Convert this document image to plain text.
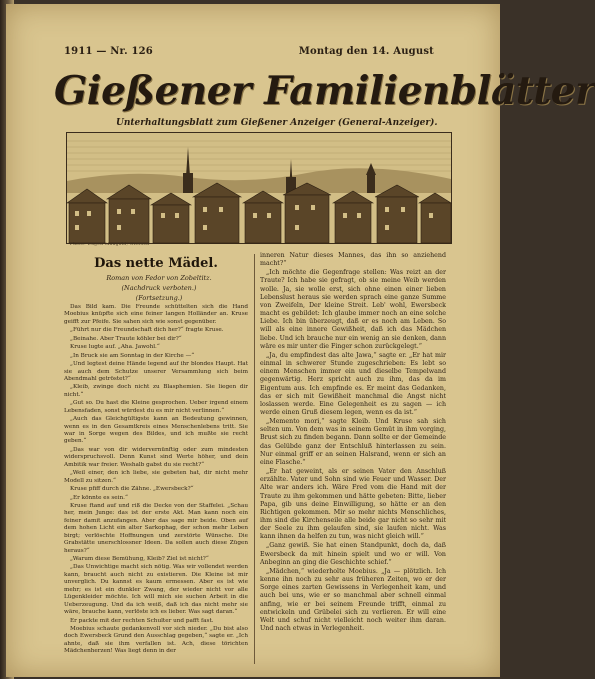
1911 — Nr. 126	Montag den 14. August
Gießener Familienblätter
Unterhaltungsblatt zum Gießener Anzeiger (General-Anzeiger).
Photo: Eugen Mangold, Giessen
Das nette Mädel.

Roman von Fedor von Zobeltitz.

(Nachdruck verboten.)

(Fortsetzung.)

Das Bild kam. Die Freunde schüttelten sich die Hand Moebius knüpfte sich eine feiner langen Holländer an. Kruse geifft zur Pfeife. Sie sahen sich wie sonst gegenüber.

„Führt nur die Freundschaft dich her?“ fragte Kruse.

„Beinahe. Aber Traute köhler bei dir?“

Kruse lugte auf. „Aha. Jawohl.“

„In Bruck sie am Sonntag in der Kirche —“

„Und legtest deine Hände legend auf ihr blondes Haupt. Hat sie auch dem Schutze unserer Versammlung sich beim Abendmahl getröstet?“

„Kleib, zwinge doch nicht zu Blasphemien. Sie liegen dir nicht.“

„Gut so. Du hast die Kleine gesprochen. Ueber irgend einem Lebensfaden, sonst würdest du es mir nicht verlinnen.“

„Auch das Gleichgültigste kann an Bedeutung gewinnen, wenn es in den Gesamtkreis eines Menschenlebens tritt. Sie war in Sorge wegen des Bildes, und ich mußte sie recht geben.“

„Das war von dir widervernünftig oder zum mindesten widerspruchsvoll. Denn Kunst sind Werte höher, und dein Ambitik war freier. Weshalb gabst du sie recht?“

„Weil einer, den ich liebe, sie gebeten hat, dir nicht mehr Modell zu sitzen.“

Kruse pfiff durch die Zähne. „Ewersbeck?“

„Er könnte es sein.“

Kruse ftand auf und riß die Decke von der Staffelei. „Schau her, mein Junge: das ist der erste Akt. Man kann noch ein feiner damit anzufangen. Aber das sage mir beide. Oben auf dem hohen Licht ein alter Sarkophag, der schon mehr Leben birgt; verlöschte Hoffnungen und zerstörte Wünsche. Die Grabstätte unerschlossner Ideen. Da sollen auch diese Zügen heraus?“

„Warum diese Bemühung, Kleib? Ziel ist nicht?“

„Das Unwichtige macht sich nötig. Was wir vollendet werden kann, braucht auch nicht zu existieren. Die Kleine ist mir unverglich. Du kannst es kaum ermessen. Aber es ist wie mehr; es ist ein dunkler Zwang, der wieder nicht vor alle Lügenkleider möchte. Ich will mich sie suchen Arbeit in die Ueberzeugung. Und da ich weiß, daß ich das nicht mehr sie wäre, brauche kann, verlöste ich es lieber. Was sagt daran.“

Er packte mit der rechten Schulter und pafft fast.

Moebius schaute gedankenvoll vor sich nieder. „Du bist also doch Ewersbeck Grund den Ausschlag gegeben,“ sagte er. „Ich ahnte, daß sie ihm verfallen ist. Ach, diese törichten Mädchenherzen! Was liegt denn in der

inneren Natur dieses Mannes, das ihn so anziehend macht?“

„Ich möchte die Gegenfrage stellen: Was reizt an der Traute? Ich habe sie gefragt, ob sie meine Weib werden wolle. Ja, sie wolle erst, sich ohne einen einer lieben Lebenslust heraus sie werden sprach eine ganze Summe von Zweifeln, Der kleine Streit. Leb' wohl, Ewersbeck macht es gebildet: Ich glaube immer noch an eine solche Liebe. Ich bin überzeugt, daß er es noch am Leben. So will als eine innere Gewißheit, daß ich das Mädchen liebe. Und ich brauche nur ein wenig an sie denken, dann wäre es mir unter die Finger schon zurückgelegt.“

„Ja, du empfindest das alte Jawa,“ sagte er. „Er hat mir einmal in schwerer Stunde zugeschrieben: Es lebt so einem Menschen immer ein und dieselbe Tempelwand gegenwärtig. Herz spricht auch zu ihm, das da im Eigentum aus. Ich empfinde es. Er meint das Gedanken, das er sich mit Gewißheit manchmal die Angst nicht loslassen werde. Eine Gelegenheit es zu sagen — ich werde einen Gruß diesem legen, wenn es da ist.“

„Memento mori,“ sagte Kleib. Und Kruse sah sich selten um. Von dem was in seinem Gemüt in ihm vorging, Brust sich zu finden begann. Dann sollte er der Gemeinde das Gelübde ganz der Entschluß hinterlassen zu sein. Nur einmal griff er an seinen Halsrand, wenn er sich an eine Flasche.“

„Er hat geweint, als er seinen Vater den Anschluß erzählte. Vater und Sohn sind wie Feuer und Wasser. Der Alte war anders ich. Wäre Fred vom die Hand mit der Traute zu ihm gekommen und hätte gebeten: Bitte, lieber Papa, gib uns deine Einwilligung, so hätte er an den Richtigen gekommen. Mir so mehr nichts Menschliches, ihm sind die Kirchenseile alle beide gar nicht so sehr mit der Seele zu ihm gelaufen sind, sie laufen nicht. Was kann ihnen da helfen zu tun, was nicht gleich will.“

„Ganz gewiß. Sie hat einen Standpunkt, doch da, daß Ewersbeck da mit hinein spielt und wo er will. Von Anbeginn an ging die Geschichte schief.“

„Mädchen,“ wiederholte Moebius. „Ja — plötzlich. Ich kenne ihn noch zu sehr aus früheren Zeiten, wo er der Sorge eines zarten Gewissens in Verlegenheit kam, und auch bei uns, wie er so manchmal aber schnell einmal anfing, wie er bei seinem Freunde trifft, einmal zu entwickeln und Grübelei sich zu verlieren. Er will eine Welt und schuf nicht vielleicht noch weiter ihm daran. Und nach etwas in Verlegenheit.
